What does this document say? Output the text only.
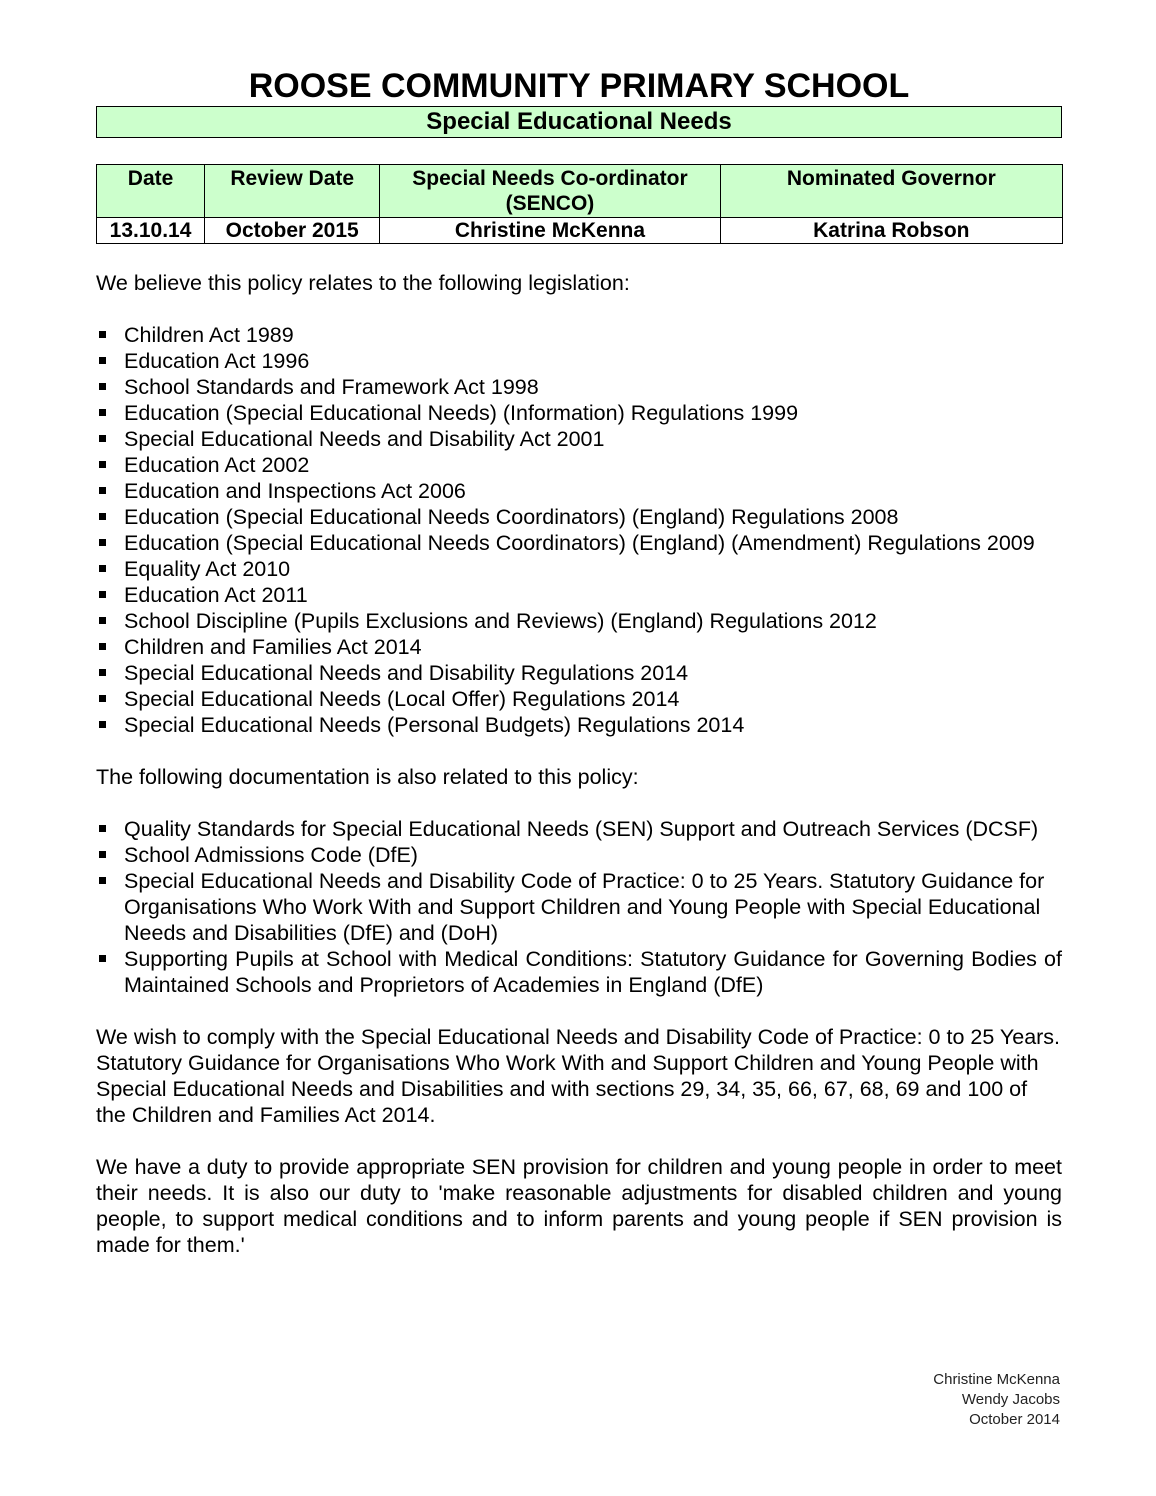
ROOSE COMMUNITY PRIMARY SCHOOL
Special Educational Needs
Date	Review Date	Special Needs Co-ordinator (SENCO)	Nominated Governor
13.10.14	October 2015	Christine McKenna	Katrina Robson

We believe this policy relates to the following legislation:

Children Act 1989
Education Act 1996
School Standards and Framework Act 1998
Education (Special Educational Needs) (Information) Regulations 1999
Special Educational Needs and Disability Act 2001
Education Act 2002
Education and Inspections Act 2006
Education (Special Educational Needs Coordinators) (England) Regulations 2008
Education (Special Educational Needs Coordinators) (England) (Amendment) Regulations 2009
Equality Act 2010
Education Act 2011
School Discipline (Pupils Exclusions and Reviews) (England) Regulations 2012
Children and Families Act 2014
Special Educational Needs and Disability Regulations 2014
Special Educational Needs (Local Offer) Regulations 2014
Special Educational Needs (Personal Budgets) Regulations 2014

The following documentation is also related to this policy:

Quality Standards for Special Educational Needs (SEN) Support and Outreach Services (DCSF)
School Admissions Code (DfE)
Special Educational Needs and Disability Code of Practice: 0 to 25 Years. Statutory Guidance for Organisations Who Work With and Support Children and Young People with Special Educational Needs and Disabilities (DfE) and (DoH)
Supporting Pupils at School with Medical Conditions: Statutory Guidance for Governing Bodies of Maintained Schools and Proprietors of Academies in England (DfE)

We wish to comply with the Special Educational Needs and Disability Code of Practice: 0 to 25 Years. Statutory Guidance for Organisations Who Work With and Support Children and Young People with Special Educational Needs and Disabilities and with sections 29, 34, 35, 66, 67, 68, 69 and 100 of the Children and Families Act 2014.

We have a duty to provide appropriate SEN provision for children and young people in order to meet their needs. It is also our duty to 'make reasonable adjustments for disabled children and young people, to support medical conditions and to inform parents and young people if SEN provision is made for them.'

Christine McKenna
Wendy Jacobs
October 2014
